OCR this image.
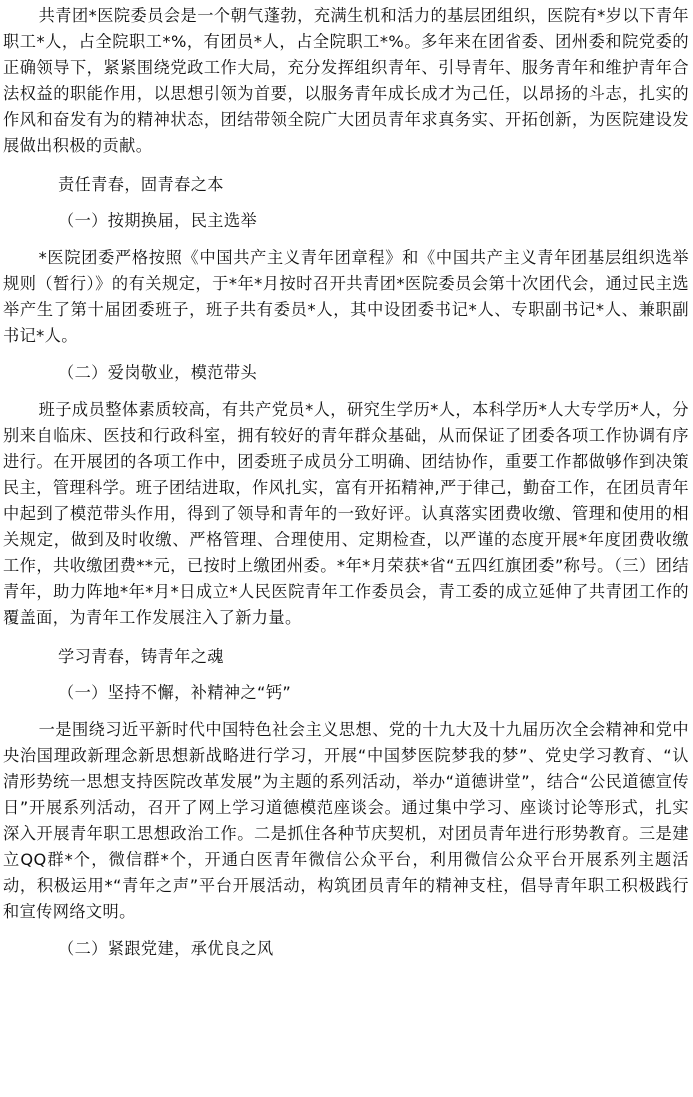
共青团*医院委员会是一个朝气蓬勃，充满生机和活力的基层团组织，医院有*岁以下青年职工*人，占全院职工*%，有团员*人，占全院职工*%。多年来在团省委、团州委和院党委的正确领导下，紧紧围绕党政工作大局，充分发挥组织青年、引导青年、服务青年和维护青年合法权益的职能作用，以思想引领为首要，以服务青年成长成才为己任，以昂扬的斗志，扎实的作风和奋发有为的精神状态，团结带领全院广大团员青年求真务实、开拓创新，为医院建设发展做出积极的贡献。

责任青春，固青春之本

（一）按期换届，民主选举

*医院团委严格按照《中国共产主义青年团章程》和《中国共产主义青年团基层组织选举规则（暂行）》的有关规定，于*年*月按时召开共青团*医院委员会第十次团代会，通过民主选举产生了第十届团委班子，班子共有委员*人，其中设团委书记*人、专职副书记*人、兼职副书记*人。

（二）爱岗敬业，模范带头

班子成员整体素质较高，有共产党员*人，研究生学历*人，本科学历*人大专学历*人，分别来自临床、医技和行政科室，拥有较好的青年群众基础，从而保证了团委各项工作协调有序进行。在开展团的各项工作中，团委班子成员分工明确、团结协作，重要工作都做够作到决策民主，管理科学。班子团结进取，作风扎实，富有开拓精神,严于律己，勤奋工作，在团员青年中起到了模范带头作用，得到了领导和青年的一致好评。认真落实团费收缴、管理和使用的相关规定，做到及时收缴、严格管理、合理使用、定期检查，以严谨的态度开展*年度团费收缴工作，共收缴团费**元，已按时上缴团州委。*年*月荣获*省“五四红旗团委”称号。（三）团结青年，助力阵地*年*月*日成立*人民医院青年工作委员会，青工委的成立延伸了共青团工作的覆盖面，为青年工作发展注入了新力量。

学习青春，铸青年之魂

（一）坚持不懈，补精神之“钙”

一是围绕习近平新时代中国特色社会主义思想、党的十九大及十九届历次全会精神和党中央治国理政新理念新思想新战略进行学习，开展“中国梦医院梦我的梦”、党史学习教育、“认清形势统一思想支持医院改革发展”为主题的系列活动，举办“道德讲堂”，结合“公民道德宣传日”开展系列活动，召开了网上学习道德模范座谈会。通过集中学习、座谈讨论等形式，扎实深入开展青年职工思想政治工作。二是抓住各种节庆契机，对团员青年进行形势教育。三是建立QQ群*个，微信群*个，开通白医青年微信公众平台，利用微信公众平台开展系列主题活动，积极运用*“青年之声”平台开展活动，构筑团员青年的精神支柱，倡导青年职工积极践行和宣传网络文明。

（二）紧跟党建，承优良之风
